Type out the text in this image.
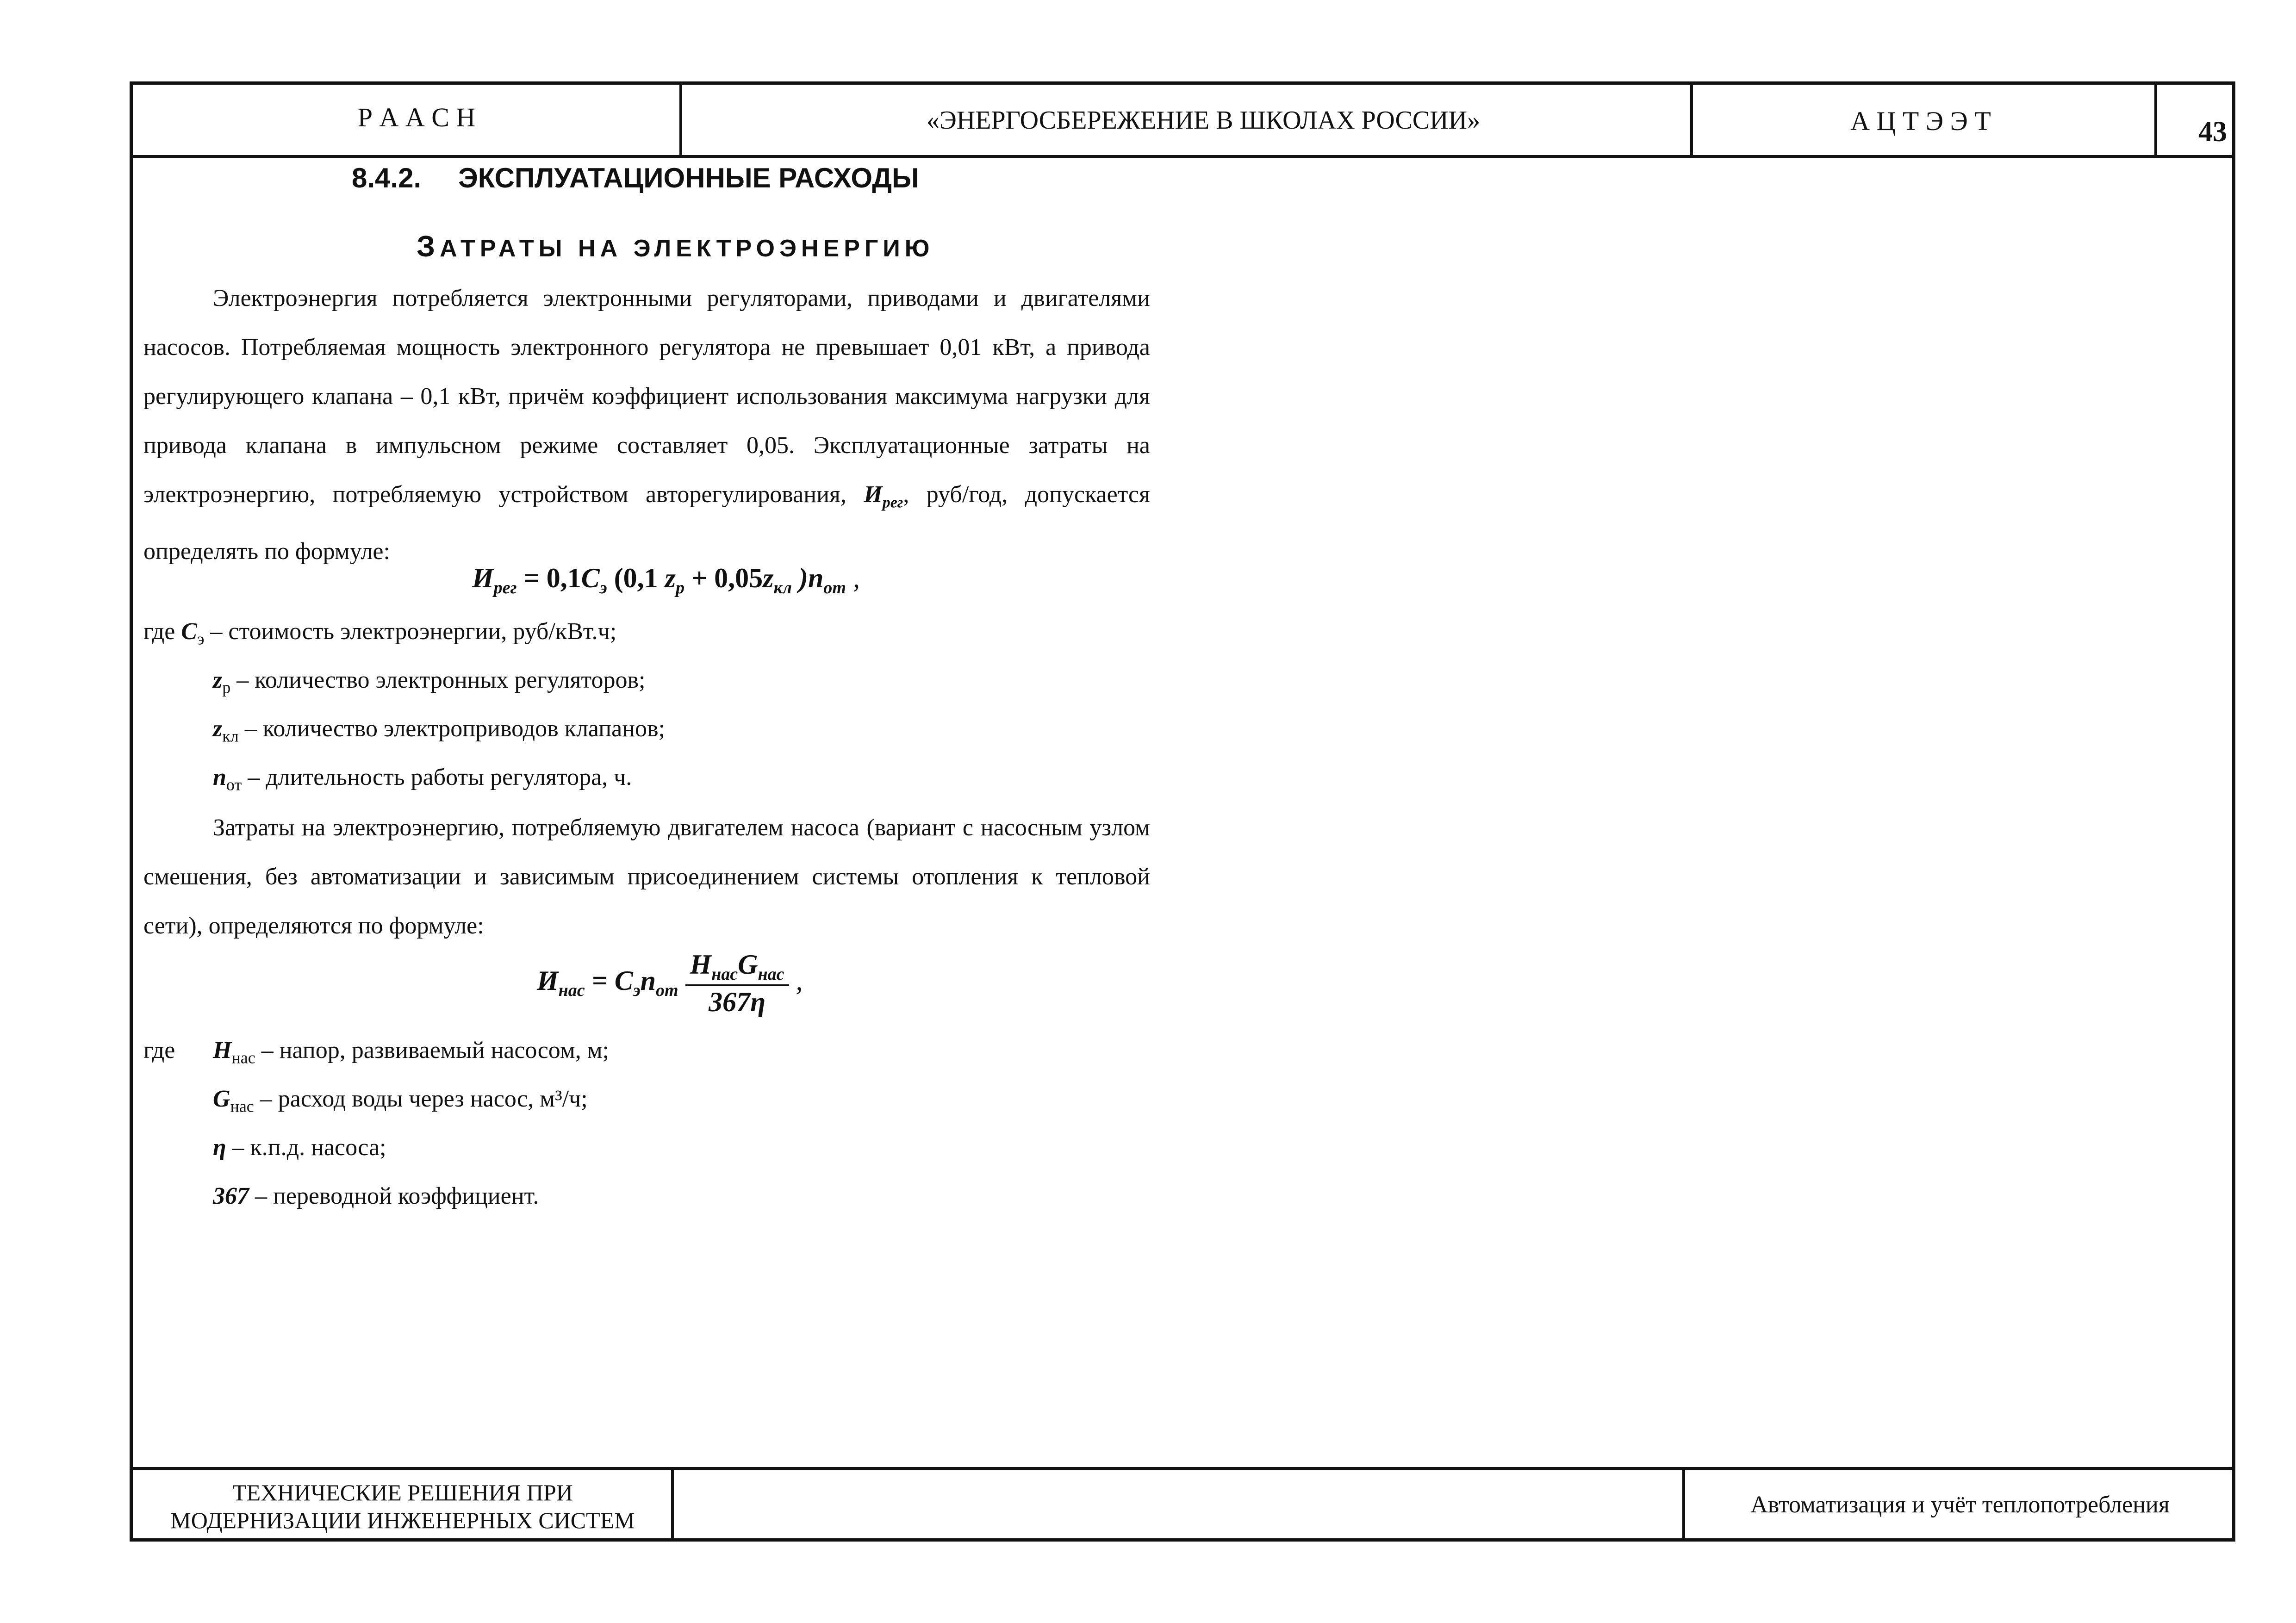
Р А А С Н	«ЭНЕРГОСБЕРЕЖЕНИЕ В ШКОЛАХ РОССИИ»	А Ц Т Э Э Т	43
8.4.2. ЭКСПЛУАТАЦИОННЫЕ РАСХОДЫ
ЗАТРАТЫ НА ЭЛЕКТРОЭНЕРГИЮ

Электроэнергия потребляется электронными регуляторами, приводами и двигателями насосов. Потребляемая мощность электронного регулятора не превышает 0,01 кВт, а привода регулирующего клапана – 0,1 кВт, причём коэффициент использования максимума нагрузки для привода клапана в импульсном режиме составляет 0,05. Эксплуатационные затраты на электроэнергию, потребляемую устройством авторегулирования, $И_{рег}$, руб/год, допускается определять по формуле:

$И_{рег} = 0,1C_э$ (0,1 $z_р + 0,05z_{кл}$ )$n_{от}$ ,
где $C_э$ – стоимость электроэнергии, руб/кВт.ч;
$z_р$ – количество электронных регуляторов;
$z_{кл}$ – количество электроприводов клапанов;
$n_{от}$ – длительность работы регулятора, ч.

Затраты на электроэнергию, потребляемую двигателем насоса (вариант с насосным узлом смешения, без автоматизации и зависимым присоединением системы отопления к тепловой сети), определяются по формуле:

$И_{нас} = C_эn_{от} \frac{H_{нас}G_{нас}}{367\eta}$ ,
где $H_{нас}$ – напор, развиваемый насосом, м;
$G_{нас}$ – расход воды через насос, м³/ч;
η – к.п.д. насоса;
367 – переводной коэффициент.
ТЕХНИЧЕСКИЕ РЕШЕНИЯ ПРИ
МОДЕРНИЗАЦИИ ИНЖЕНЕРНЫХ СИСТЕМ
Автоматизация и учёт теплопотребления
